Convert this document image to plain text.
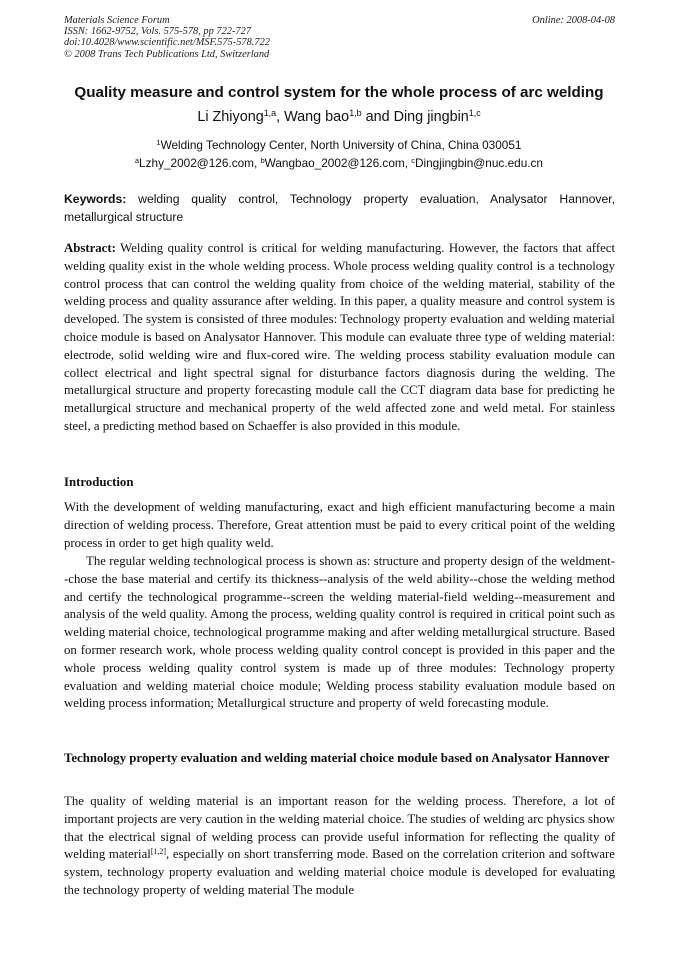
Materials Science Forum
ISSN: 1662-9752, Vols. 575-578, pp 722-727
doi:10.4028/www.scientific.net/MSF.575-578.722
© 2008 Trans Tech Publications Ltd, Switzerland
Online: 2008-04-08
Quality measure and control system for the whole process of arc welding
Li Zhiyong$^{1,a}$, Wang bao$^{1,b}$ and Ding jingbin$^{1,c}$
$^1$Welding Technology Center, North University of China, China 030051
$^a$Lzhy_2002@126.com, $^b$Wangbao_2002@126.com, $^c$Dingjingbin@nuc.edu.cn
Keywords: welding quality control, Technology property evaluation, Analysator Hannover, metallurgical structure
Abstract: Welding quality control is critical for welding manufacturing. However, the factors that affect welding quality exist in the whole welding process. Whole process welding quality control is a technology control process that can control the welding quality from choice of the welding material, stability of the welding process and quality assurance after welding. In this paper, a quality measure and control system is developed. The system is consisted of three modules: Technology property evaluation and welding material choice module is based on Analysator Hannover. This module can evaluate three type of welding material: electrode, solid welding wire and flux-cored wire. The welding process stability evaluation module can collect electrical and light spectral signal for disturbance factors diagnosis during the welding. The metallurgical structure and property forecasting module call the CCT diagram data base for predicting he metallurgical structure and mechanical property of the weld affected zone and weld metal. For stainless steel, a predicting method based on Schaeffer is also provided in this module.
Introduction
With the development of welding manufacturing, exact and high efficient manufacturing become a main direction of welding process. Therefore, Great attention must be paid to every critical point of the welding process in order to get high quality weld.
The regular welding technological process is shown as: structure and property design of the weldment--chose the base material and certify its thickness--analysis of the weld ability--chose the welding method and certify the technological programme--screen the welding material-field welding--measurement and analysis of the weld quality. Among the process, welding quality control is required in critical point such as welding material choice, technological programme making and after welding metallurgical structure. Based on former research work, whole process welding quality control concept is provided in this paper and the whole process welding quality control system is made up of three modules: Technology property evaluation and welding material choice module; Welding process stability evaluation module based on welding process information; Metallurgical structure and property of weld forecasting module.
Technology property evaluation and welding material choice module based on Analysator Hannover
The quality of welding material is an important reason for the welding process. Therefore, a lot of important projects are very caution in the welding material choice. The studies of welding arc physics show that the electrical signal of welding process can provide useful information for reflecting the quality of welding material[1,2], especially on short transferring mode. Based on the correlation criterion and software system, technology property evaluation and welding material choice module is developed for evaluating the technology property of welding material The module
